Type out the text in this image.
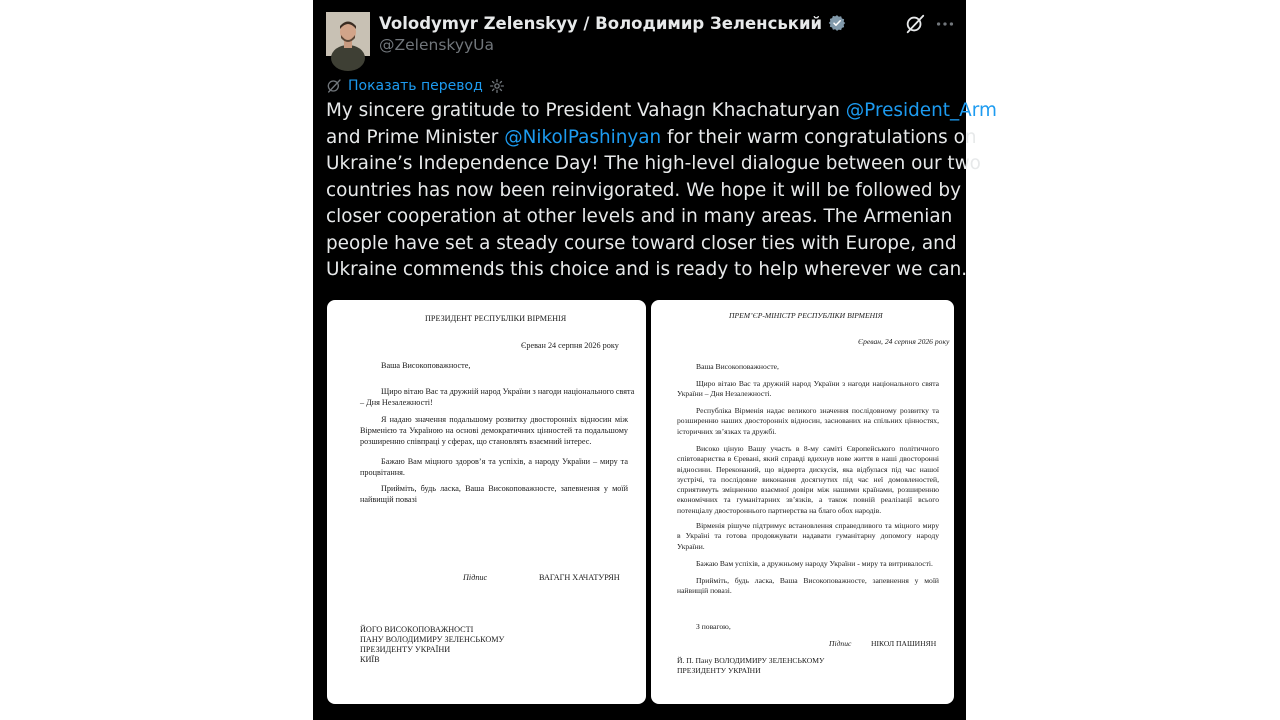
Volodymyr Zelenskyy / Володимир Зеленський
@ZelenskyyUa
Показать перевод
My sincere gratitude to President Vahagn Khachaturyan @President_Arm
and Prime Minister @NikolPashinyan for their warm congratulations on
Ukraine’s Independence Day! The high-level dialogue between our two
countries has now been reinvigorated. We hope it will be followed by
closer cooperation at other levels and in many areas. The Armenian
people have set a steady course toward closer ties with Europe, and
Ukraine commends this choice and is ready to help wherever we can.
ПРЕЗИДЕНТ РЕСПУБЛІКИ ВІРМЕНІЯ
Єреван 24 серпня 2026 року
Ваша Високоповажносте,
Щиро вітаю Вас та дружній народ України з нагоди національного свята
– Дня Незалежності!
Я надаю значення подальшому розвитку двосторонніх відносин між Вірменією та Україною на основі демократичних цінностей та подальшому розширенню співпраці у сферах, що становлять взаємний інтерес.
Бажаю Вам міцного здоров’я та успіхів, а народу України – миру та процвітання.
Прийміть, будь ласка, Ваша Високоповажносте, запевнення у моїй найвищій повазі
Підпис	ВАГАГН ХАЧАТУРЯН
ЙОГО ВИСОКОПОВАЖНОСТІ
ПАНУ ВОЛОДИМИРУ ЗЕЛЕНСЬКОМУ
ПРЕЗИДЕНТУ УКРАЇНИ
КИЇВ
ПРЕМ’ЄР-МІНІСТР РЕСПУБЛІКИ ВІРМЕНІЯ
Єреван, 24 серпня 2026 року
Ваша Високоповажносте,
Щиро вітаю Вас та дружній народ України з нагоди національного свята України – Дня Незалежності.
Республіка Вірменія надає великого значення послідовному розвитку та розширенню наших двосторонніх відносин, заснованих на спільних цінностях, історичних зв’язках та дружбі.
Високо ціную Вашу участь в 8-му саміті Європейського політичного співтовариства в Єревані, який справді вдихнув нове життя в наші двосторонні відносини. Переконаний, що відверта дискусія, яка відбулася під час нашої зустрічі, та послідовне виконання досягнутих під час неї домовленостей, сприятимуть зміцненню взаємної довіри між нашими країнами, розширенню економічних та гуманітарних зв’язків, а також повній реалізації всього потенціалу двостороннього партнерства на благо обох народів.
Вірменія рішуче підтримує встановлення справедливого та міцного миру в Україні та готова продовжувати надавати гуманітарну допомогу народу України.
Бажаю Вам успіхів, а дружньому народу України - миру та витривалості.
Прийміть, будь ласка, Ваша Високоповажносте, запевнення у моїй найвищій повазі.
З повагою,
Підпис	НІКОЛ ПАШИНЯН
Й. П. Пану ВОЛОДИМИРУ ЗЕЛЕНСЬКОМУ
ПРЕЗИДЕНТУ УКРАЇНИ
